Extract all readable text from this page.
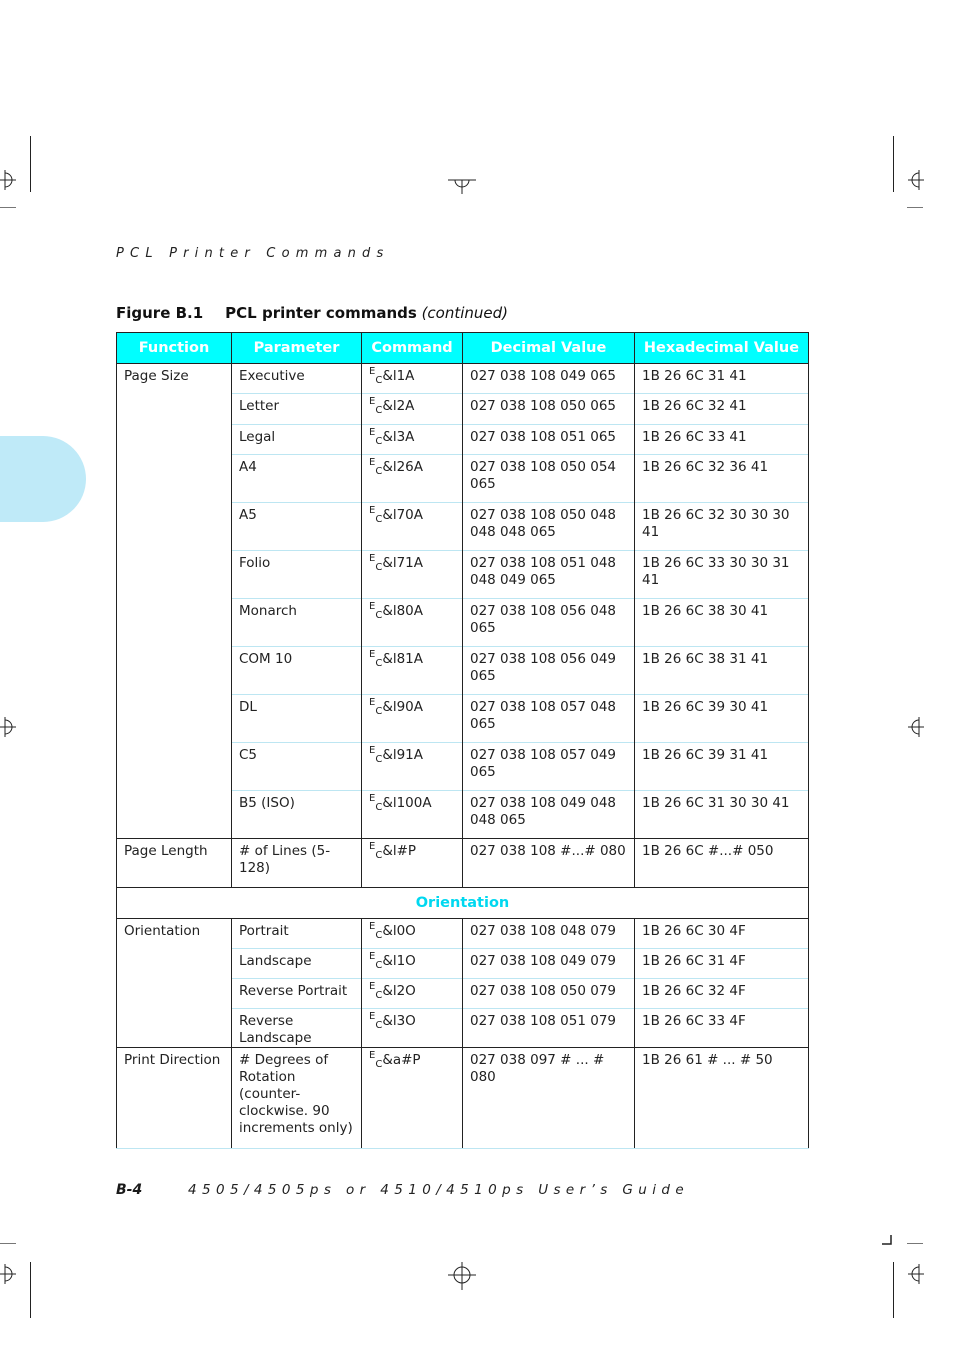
PCL Printer Commands
Figure B.1 PCL printer commands (continued)
Function	Parameter	Command	Decimal Value	Hexadecimal Value
Page Size	Executive	EC&l1A	027 038 108 049 065	1B 26 6C 31 41
	Letter	EC&l2A	027 038 108 050 065	1B 26 6C 32 41
	Legal	EC&l3A	027 038 108 051 065	1B 26 6C 33 41
	A4	EC&l26A	027 038 108 050 054 065	1B 26 6C 32 36 41
	A5	EC&l70A	027 038 108 050 048 048 048 065	1B 26 6C 32 30 30 30 41
	Folio	EC&l71A	027 038 108 051 048 048 049 065	1B 26 6C 33 30 30 31 41
	Monarch	EC&l80A	027 038 108 056 048 065	1B 26 6C 38 30 41
	COM 10	EC&l81A	027 038 108 056 049 065	1B 26 6C 38 31 41
	DL	EC&l90A	027 038 108 057 048 065	1B 26 6C 39 30 41
	C5	EC&l91A	027 038 108 057 049 065	1B 26 6C 39 31 41
	B5 (ISO)	EC&l100A	027 038 108 049 048 048 065	1B 26 6C 31 30 30 41
Page Length	# of Lines (5-128)	EC&l#P	027 038 108 #...# 080	1B 26 6C #...# 050
Orientation				
Orientation	Portrait	EC&l0O	027 038 108 048 079	1B 26 6C 30 4F
	Landscape	EC&l1O	027 038 108 049 079	1B 26 6C 31 4F
	Reverse Portrait	EC&l2O	027 038 108 050 079	1B 26 6C 32 4F
	Reverse Landscape	EC&l3O	027 038 108 051 079	1B 26 6C 33 4F
Print Direction	# Degrees of Rotation (counter-clockwise. 90 increments only)	EC&a#P	027 038 097 # ... # 080	1B 26 61 # ... # 50
B-4	4505/4505ps or 4510/4510ps User’s Guide
